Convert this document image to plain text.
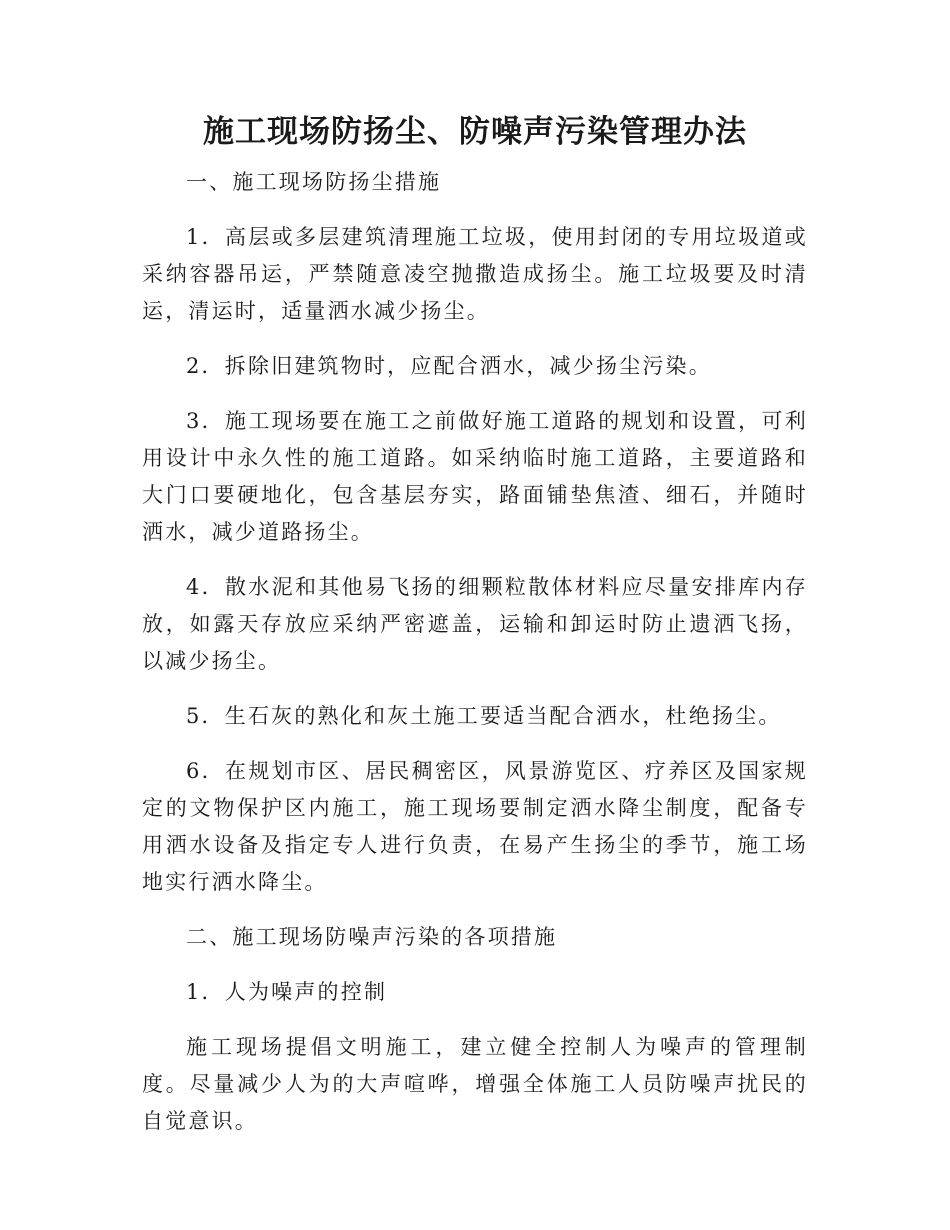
施工现场防扬尘、防噪声污染管理办法

一、施工现场防扬尘措施

1．高层或多层建筑清理施工垃圾，使用封闭的专用垃圾道或采纳容器吊运，严禁随意凌空抛撒造成扬尘。施工垃圾要及时清运，清运时，适量洒水减少扬尘。

2．拆除旧建筑物时，应配合洒水，减少扬尘污染。

3．施工现场要在施工之前做好施工道路的规划和设置，可利用设计中永久性的施工道路。如采纳临时施工道路，主要道路和大门口要硬地化，包含基层夯实，路面铺垫焦渣、细石，并随时洒水，减少道路扬尘。

4．散水泥和其他易飞扬的细颗粒散体材料应尽量安排库内存放，如露天存放应采纳严密遮盖，运输和卸运时防止遗洒飞扬，以减少扬尘。

5．生石灰的熟化和灰土施工要适当配合洒水，杜绝扬尘。

6．在规划市区、居民稠密区，风景游览区、疗养区及国家规定的文物保护区内施工，施工现场要制定洒水降尘制度，配备专用洒水设备及指定专人进行负责，在易产生扬尘的季节，施工场地实行洒水降尘。

二、施工现场防噪声污染的各项措施

1．人为噪声的控制

施工现场提倡文明施工，建立健全控制人为噪声的管理制度。尽量减少人为的大声喧哗，增强全体施工人员防噪声扰民的自觉意识。
